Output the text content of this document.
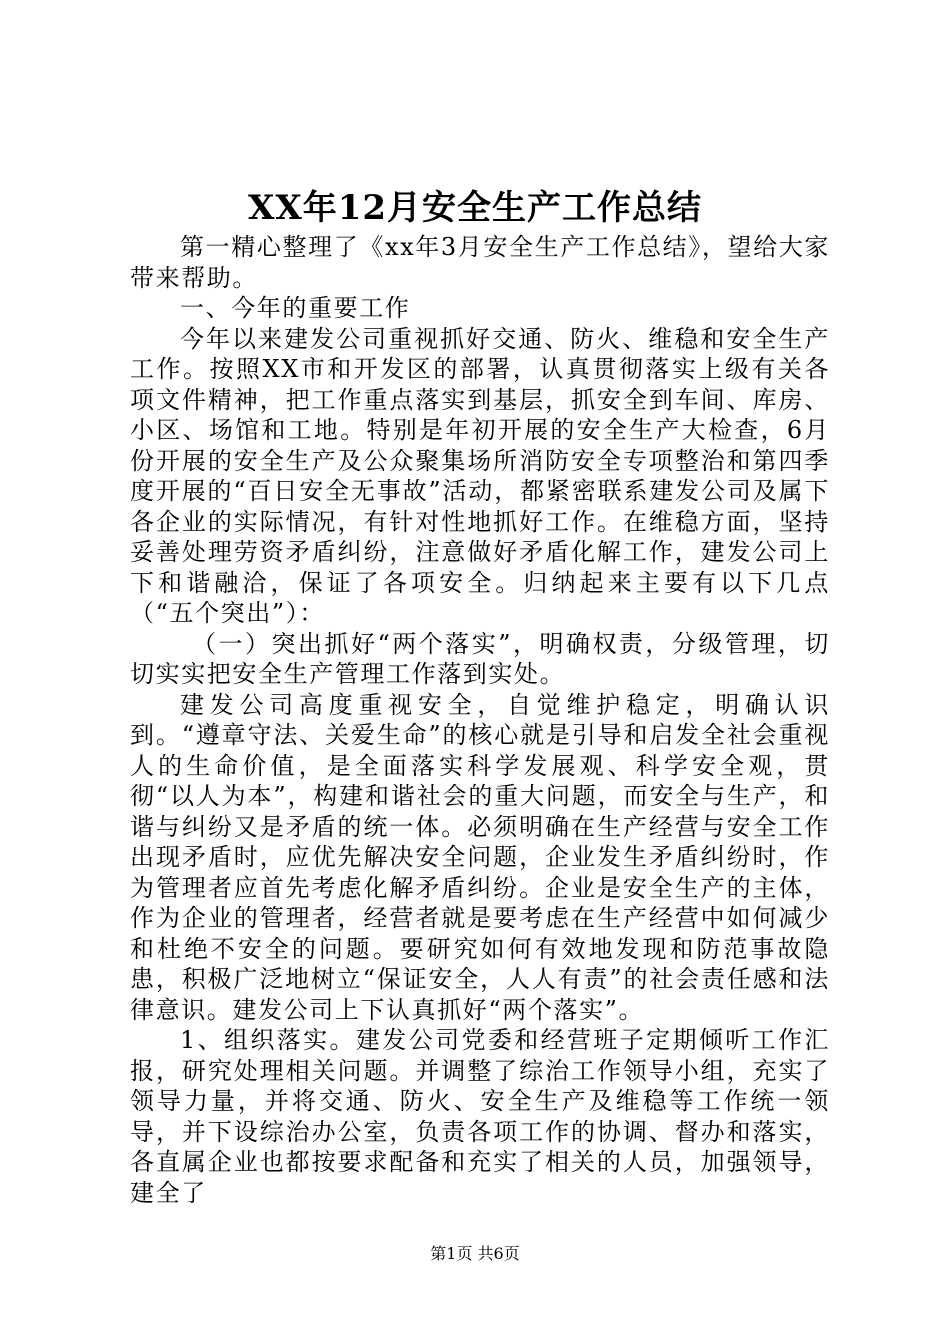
XX年12月安全生产工作总结

第一精心整理了《xx年3月安全生产工作总结》，望给大家带来帮助。

一、今年的重要工作

今年以来建发公司重视抓好交通、防火、维稳和安全生产工作。按照XX市和开发区的部署，认真贯彻落实上级有关各项文件精神，把工作重点落实到基层，抓安全到车间、库房、小区、场馆和工地。特别是年初开展的安全生产大检查，6月份开展的安全生产及公众聚集场所消防安全专项整治和第四季度开展的“百日安全无事故”活动，都紧密联系建发公司及属下各企业的实际情况，有针对性地抓好工作。在维稳方面，坚持妥善处理劳资矛盾纠纷，注意做好矛盾化解工作，建发公司上下和谐融洽，保证了各项安全。归纳起来主要有以下几点（“五个突出”）：

（一）突出抓好“两个落实”，明确权责，分级管理，切切实实把安全生产管理工作落到实处。

建发公司高度重视安全，自觉维护稳定，明确认识到。“遵章守法、关爱生命”的核心就是引导和启发全社会重视人的生命价值，是全面落实科学发展观、科学安全观，贯彻“以人为本”，构建和谐社会的重大问题，而安全与生产，和谐与纠纷又是矛盾的统一体。必须明确在生产经营与安全工作出现矛盾时，应优先解决安全问题，企业发生矛盾纠纷时，作为管理者应首先考虑化解矛盾纠纷。企业是安全生产的主体，作为企业的管理者，经营者就是要考虑在生产经营中如何减少和杜绝不安全的问题。要研究如何有效地发现和防范事故隐患，积极广泛地树立“保证安全，人人有责”的社会责任感和法律意识。建发公司上下认真抓好“两个落实”。

1、组织落实。建发公司党委和经营班子定期倾听工作汇报，研究处理相关问题。并调整了综治工作领导小组，充实了领导力量，并将交通、防火、安全生产及维稳等工作统一领导，并下设综治办公室，负责各项工作的协调、督办和落实，各直属企业也都按要求配备和充实了相关的人员，加强领导，建全了

第1页 共6页
